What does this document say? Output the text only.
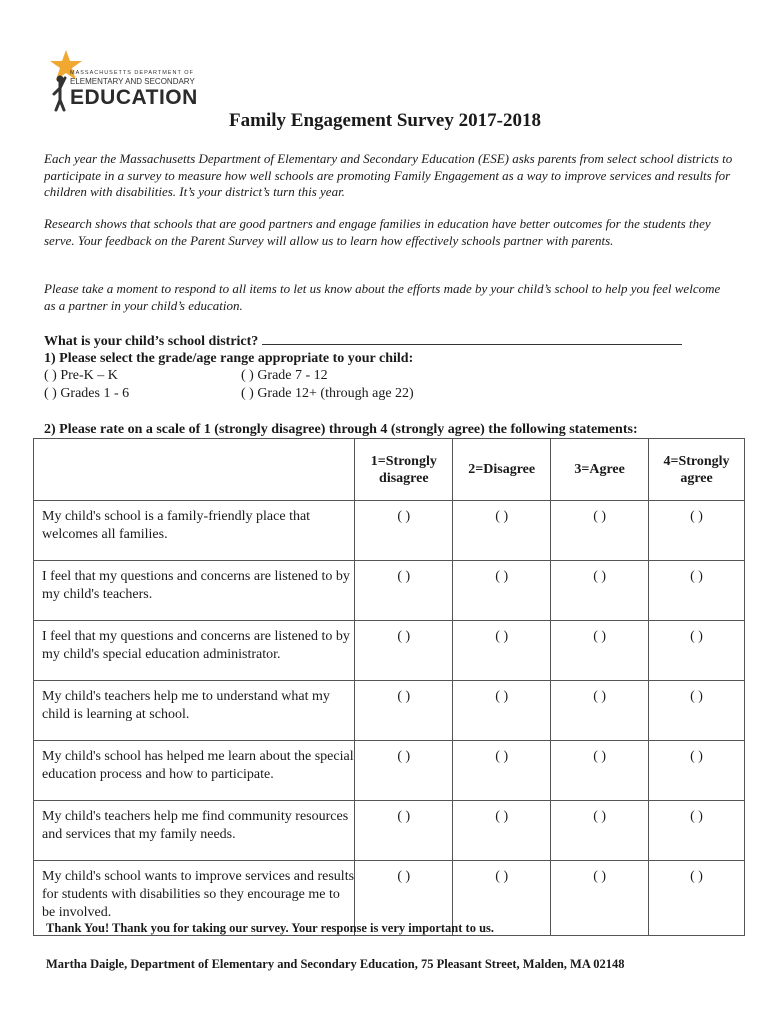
MASSACHUSETTS DEPARTMENT OF
ELEMENTARY AND SECONDARY
EDUCATION
Family Engagement Survey 2017-2018

Each year the Massachusetts Department of Elementary and Secondary Education (ESE) asks parents from select school districts to participate in a survey to measure how well schools are promoting Family Engagement as a way to improve services and results for children with disabilities. It’s your district’s turn this year.

Research shows that schools that are good partners and engage families in education have better outcomes for the students they serve. Your feedback on the Parent Survey will allow us to learn how effectively schools partner with parents.

Please take a moment to respond to all items to let us know about the efforts made by your child’s school to help you feel welcome as a partner in your child’s education.

What is your child’s school district?
1) Please select the grade/age range appropriate to your child:
( ) Pre-K – K	( ) Grade 7 - 12
( ) Grades 1 - 6	( ) Grade 12+ (through age 22)
2) Please rate on a scale of 1 (strongly disagree) through 4 (strongly agree) the following statements:
	1=Strongly disagree	2=Disagree	3=Agree	4=Strongly agree
My child's school is a family-friendly place that welcomes all families.	( )	( )	( )	( )
I feel that my questions and concerns are listened to by my child's teachers.	( )	( )	( )	( )
I feel that my questions and concerns are listened to by my child's special education administrator.	( )	( )	( )	( )
My child's teachers help me to understand what my child is learning at school.	( )	( )	( )	( )
My child's school has helped me learn about the special education process and how to participate.	( )	( )	( )	( )
My child's teachers help me find community resources and services that my family needs.	( )	( )	( )	( )
My child's school wants to improve services and results for students with disabilities so they encourage me to be involved.	( )	( )	( )	( )
Thank You! Thank you for taking our survey. Your response is very important to us.
Martha Daigle, Department of Elementary and Secondary Education, 75 Pleasant Street, Malden, MA 02148
